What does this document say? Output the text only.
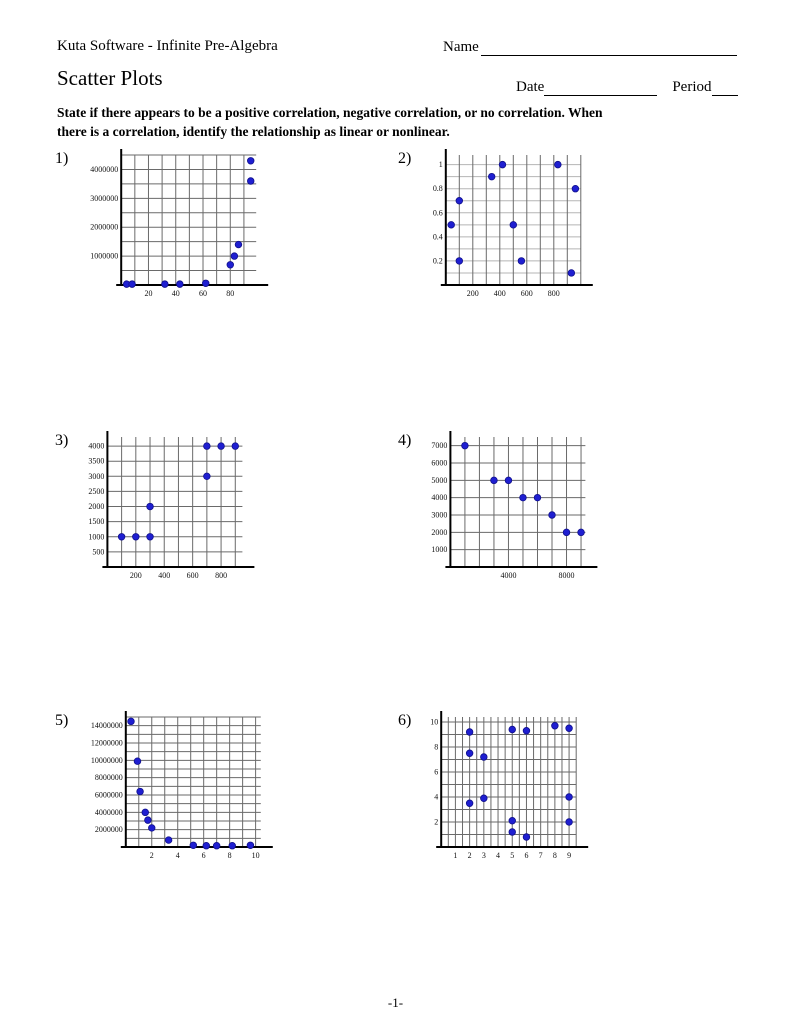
Kuta Software - Infinite Pre-Algebra	Name
Scatter Plots	Date	Period
State if there appears to be a positive correlation, negative correlation, or no correlation. When
there is a correlation, identify the relationship as linear or nonlinear.
1)
20 40 60 80
1000000
2000000
3000000
4000000
2)
200 400 600 800
0.2
0.4
0.6
0.8
1
3)
200 400 600 800
500
1000
1500
2000
2500
3000
3500
4000	4)
4000	8000
1000
2000
3000
4000
5000
6000
7000
5)
2	4	6	8 10
2000000
4000000
6000000
8000000
10000000
12000000
14000000	6)
1 2 3 4 5 6 7 8 9
2
4
6
8
10
-1-
